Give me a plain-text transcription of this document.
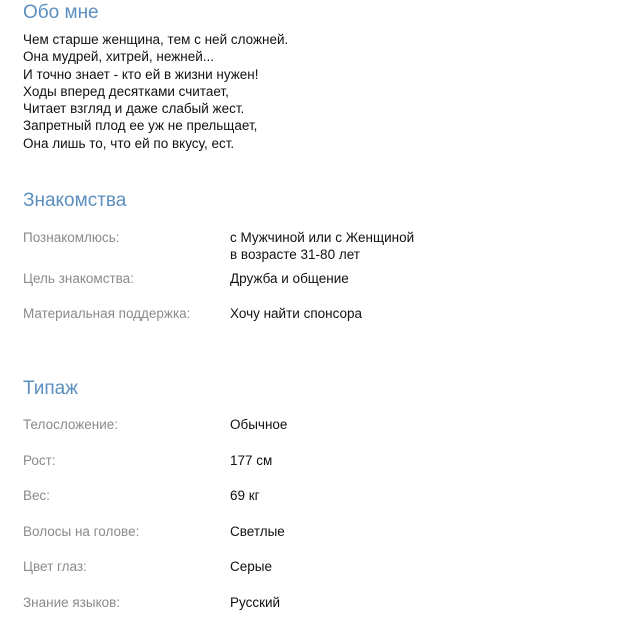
Обо мне
Чем старше женщина, тем с ней сложней.
Она мудрей, хитрей, нежней...
И точно знает - кто ей в жизни нужен!
Ходы вперед десятками считает,
Читает взгляд и даже слабый жест.
Запретный плод ее уж не прельщает,
Она лишь то, что ей по вкусу, ест.
Знакомства
Познакомлюсь:	с Мужчиной или с Женщиной
в возрасте 31-80 лет
Цель знакомства:	Дружба и общение
Материальная поддержка:	Хочу найти спонсора
Типаж
Телосложение:	Обычное
Рост:	177 см
Вес:	69 кг
Волосы на голове:	Светлые
Цвет глаз:	Серые
Знание языков:	Русский
